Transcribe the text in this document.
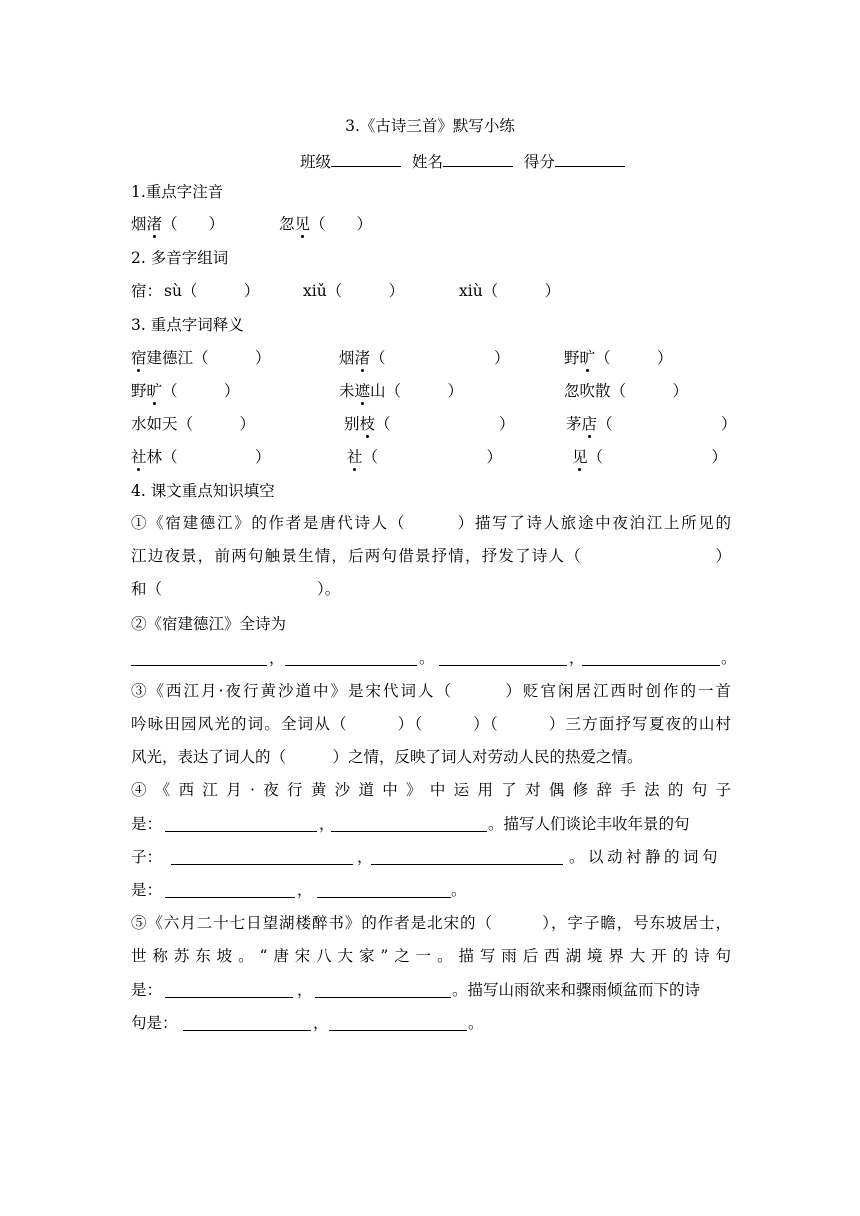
3.《古诗三首》默写小练
班级	姓名	得分
1.重点字注音
烟渚（　　）	忽见（　　）
2. 多音字组词
宿： sù（　　　）	xiǔ（　　　）	xiù（　　　）
3. 重点字词释义
宿建德江（　　　）	烟渚（　　　　　　　）	野旷（　　　）
野旷（　　　）	未遮山（　　　）	忽吹散（　　　）
水如天（　　　）	别枝（　　　　　　　）	茅店（　　　　　　　）
社林（　　　　　）	社（　　　　　　　）	见（　　　　　　　）
4. 课文重点知识填空
①《宿建德江》的作者是唐代诗人（　　　）描写了诗人旅途中夜泊江上所见的
江边夜景，前两句触景生情，后两句借景抒情，抒发了诗人（　　　　　　　　）
和（　　　　　　　　　　）。
②《宿建德江》全诗为
，	。	，	。
③《西江月·夜行黄沙道中》是宋代词人（　　　）贬官闲居江西时创作的一首
吟咏田园风光的词。全词从（　　　）（　　　）（　　　）三方面抒写夏夜的山村
风光，表达了词人的（　　　）之情，反映了词人对劳动人民的热爱之情。
④《西江月·夜行黄沙道中》中运用了对偶修辞手法的句子
是：	，	。描写人们谈论丰收年景的句
子：	，	。以动衬静的词句
是：	，	。
⑤《六月二十七日望湖楼醉书》的作者是北宋的（　　　），字子瞻，号东坡居士，
世称苏东坡。“唐宋八大家”之一。描写雨后西湖境界大开的诗句
是：	，	。描写山雨欲来和骤雨倾盆而下的诗
句是：	，	。
